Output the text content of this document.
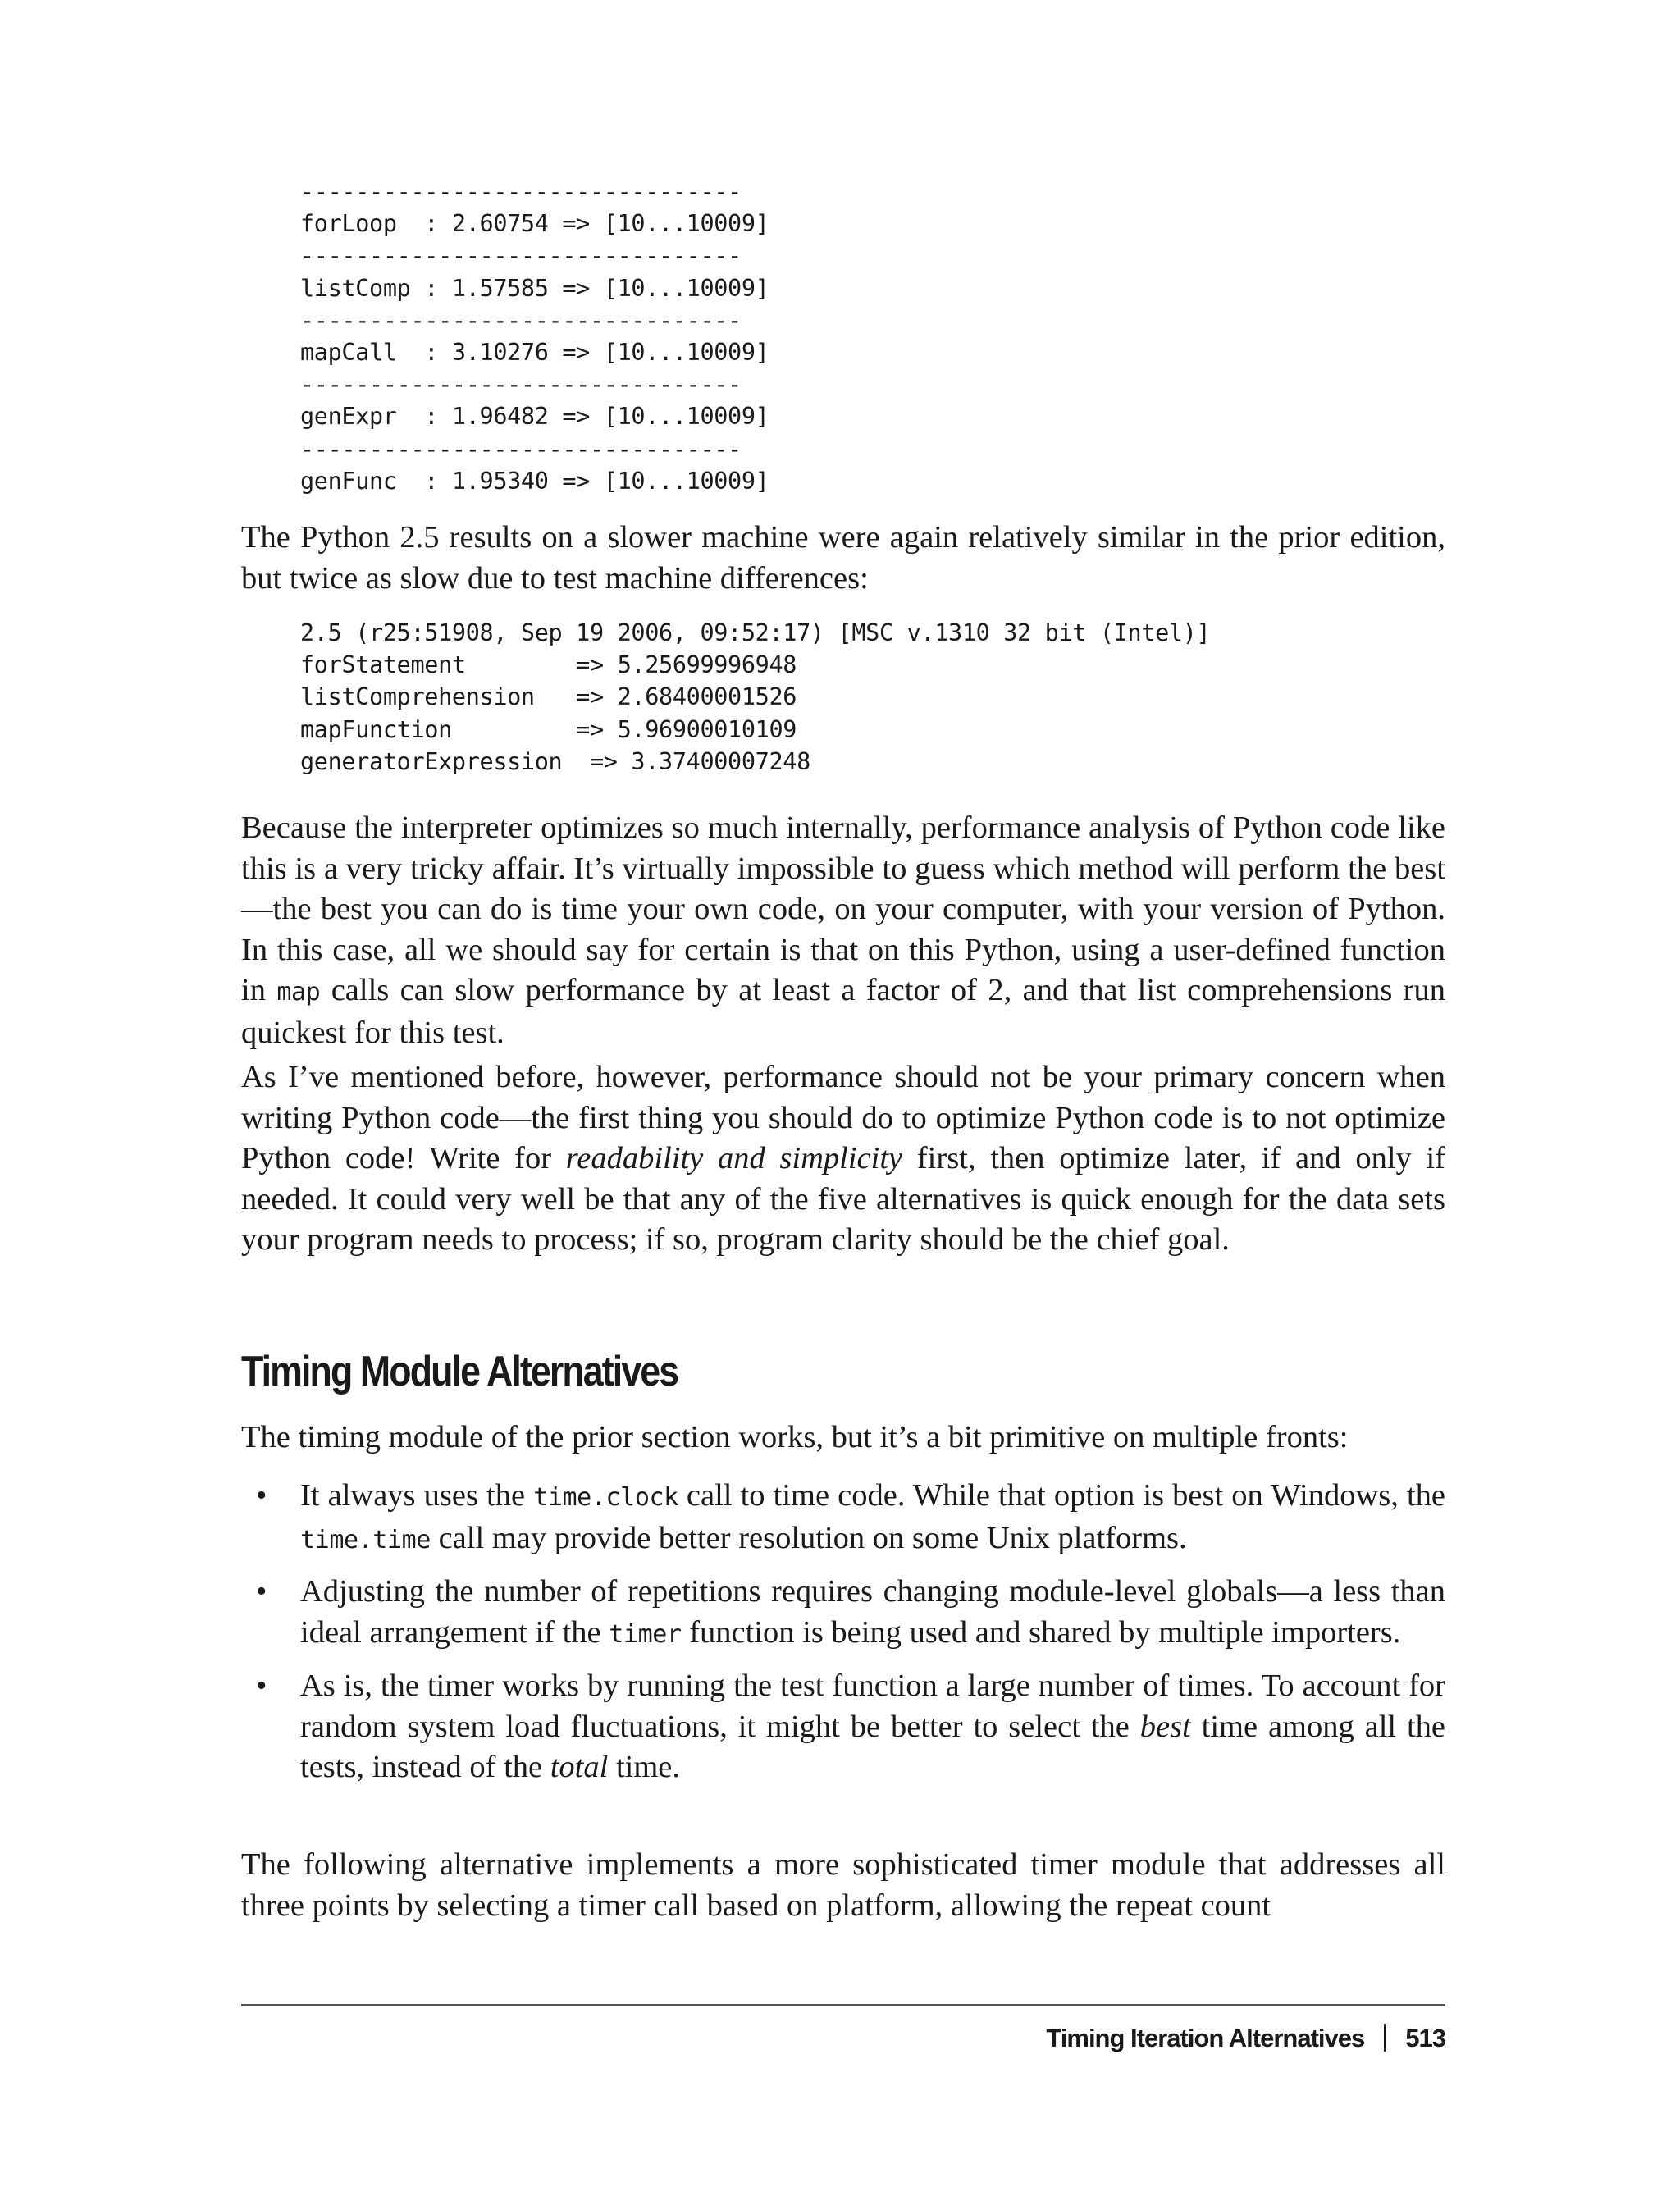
--------------------------------
forLoop  : 2.60754 => [10...10009]
--------------------------------
listComp : 1.57585 => [10...10009]
--------------------------------
mapCall  : 3.10276 => [10...10009]
--------------------------------
genExpr  : 1.96482 => [10...10009]
--------------------------------
genFunc  : 1.95340 => [10...10009]

The Python 2.5 results on a slower machine were again relatively similar in the prior edition, but twice as slow due to test machine differences:

2.5 (r25:51908, Sep 19 2006, 09:52:17) [MSC v.1310 32 bit (Intel)]
forStatement        => 5.25699996948
listComprehension   => 2.68400001526
mapFunction         => 5.96900010109
generatorExpression  => 3.37400007248

Because the interpreter optimizes so much internally, performance analysis of Python code like this is a very tricky affair. It’s virtually impossible to guess which method will perform the best—the best you can do is time your own code, on your computer, with your version of Python. In this case, all we should say for certain is that on this Python, using a user-defined function in map calls can slow performance by at least a factor of 2, and that list comprehensions run quickest for this test.

As I’ve mentioned before, however, performance should not be your primary concern when writing Python code—the first thing you should do to optimize Python code is to not optimize Python code! Write for readability and simplicity first, then optimize later, if and only if needed. It could very well be that any of the five alternatives is quick enough for the data sets your program needs to process; if so, program clarity should be the chief goal.

Timing Module Alternatives

The timing module of the prior section works, but it’s a bit primitive on multiple fronts:

• It always uses the time.clock call to time code. While that option is best on Windows, the time.time call may provide better resolution on some Unix platforms.
• Adjusting the number of repetitions requires changing module-level globals—a less than ideal arrangement if the timer function is being used and shared by multiple importers.
• As is, the timer works by running the test function a large number of times. To account for random system load fluctuations, it might be better to select the best time among all the tests, instead of the total time.

The following alternative implements a more sophisticated timer module that addresses all three points by selecting a timer call based on platform, allowing the repeat count

Timing Iteration Alternatives 513
